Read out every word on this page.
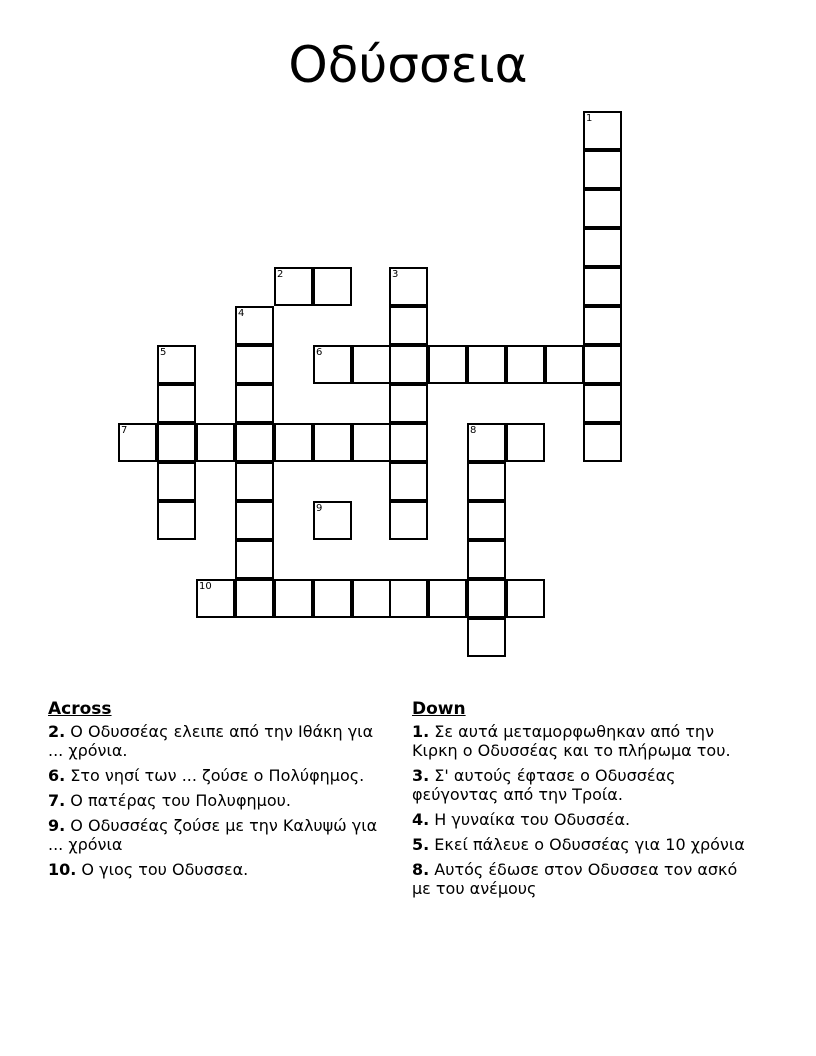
Οδύσσεια
1
2	3
4
5	6
7	8
9
10
Across
2. Ο Οδυσσέας ελειπε από την Ιθάκη για ... χρόνια.
6. Στο νησί των ... ζούσε ο Πολύφημος.
7. Ο πατέρας του Πολυφημου.
9. Ο Οδυσσέας ζούσε με την Καλυψώ για ... χρόνια
10. Ο γιος του Οδυσσεα.
Down
1. Σε αυτά μεταμορφωθηκαν από την Κιρκη ο Οδυσσέας και το πλήρωμα του.
3. Σ' αυτούς έφτασε ο Οδυσσέας φεύγοντας από την Τροία.
4. Η γυναίκα του Οδυσσέα.
5. Εκεί πάλευε ο Οδυσσέας για 10 χρόνια
8. Αυτός έδωσε στον Οδυσσεα τον ασκό με του ανέμους
